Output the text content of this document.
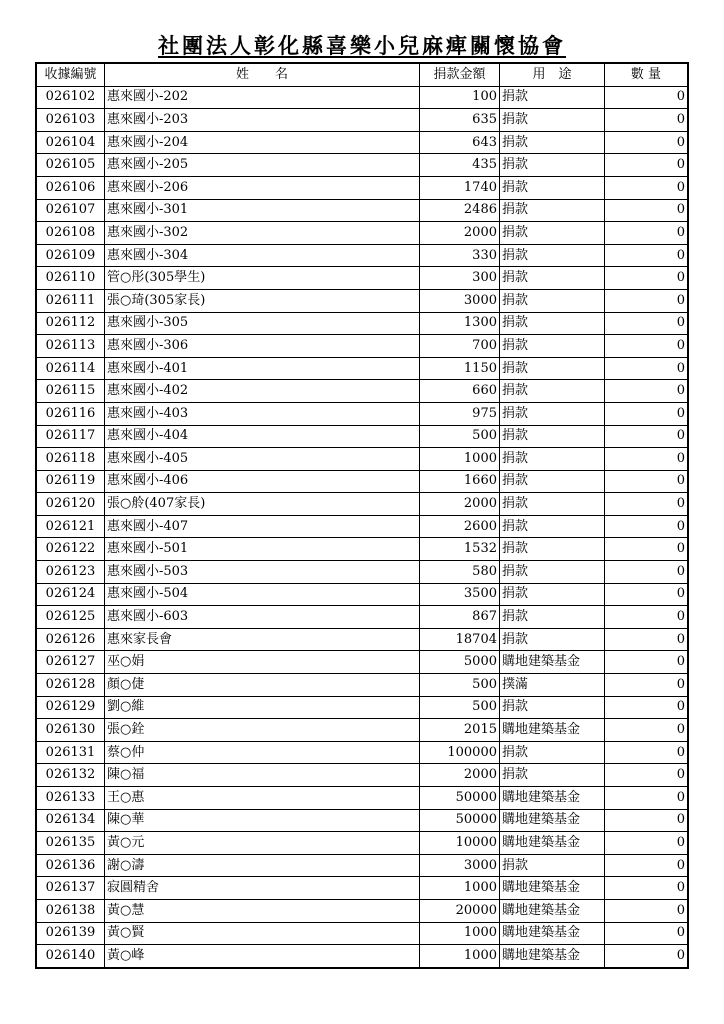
社團法人彰化縣喜樂小兒麻痺關懷協會
收據編號	姓　　名	捐款金額	用　途	數 量
026102	惠來國小-202	100	捐款	0
026103	惠來國小-203	635	捐款	0
026104	惠來國小-204	643	捐款	0
026105	惠來國小-205	435	捐款	0
026106	惠來國小-206	1740	捐款	0
026107	惠來國小-301	2486	捐款	0
026108	惠來國小-302	2000	捐款	0
026109	惠來國小-304	330	捐款	0
026110	管○彤(305學生)	300	捐款	0
026111	張○琦(305家長)	3000	捐款	0
026112	惠來國小-305	1300	捐款	0
026113	惠來國小-306	700	捐款	0
026114	惠來國小-401	1150	捐款	0
026115	惠來國小-402	660	捐款	0
026116	惠來國小-403	975	捐款	0
026117	惠來國小-404	500	捐款	0
026118	惠來國小-405	1000	捐款	0
026119	惠來國小-406	1660	捐款	0
026120	張○舲(407家長)	2000	捐款	0
026121	惠來國小-407	2600	捐款	0
026122	惠來國小-501	1532	捐款	0
026123	惠來國小-503	580	捐款	0
026124	惠來國小-504	3500	捐款	0
026125	惠來國小-603	867	捐款	0
026126	惠來家長會	18704	捐款	0
026127	巫○娟	5000	購地建築基金	0
026128	顏○倢	500	撲滿	0
026129	劉○維	500	捐款	0
026130	張○銓	2015	購地建築基金	0
026131	蔡○仲	100000	捐款	0
026132	陳○福	2000	捐款	0
026133	王○惠	50000	購地建築基金	0
026134	陳○華	50000	購地建築基金	0
026135	黃○元	10000	購地建築基金	0
026136	謝○濤	3000	捐款	0
026137	寂圓精舍	1000	購地建築基金	0
026138	黃○慧	20000	購地建築基金	0
026139	黃○賢	1000	購地建築基金	0
026140	黃○峰	1000	購地建築基金	0
